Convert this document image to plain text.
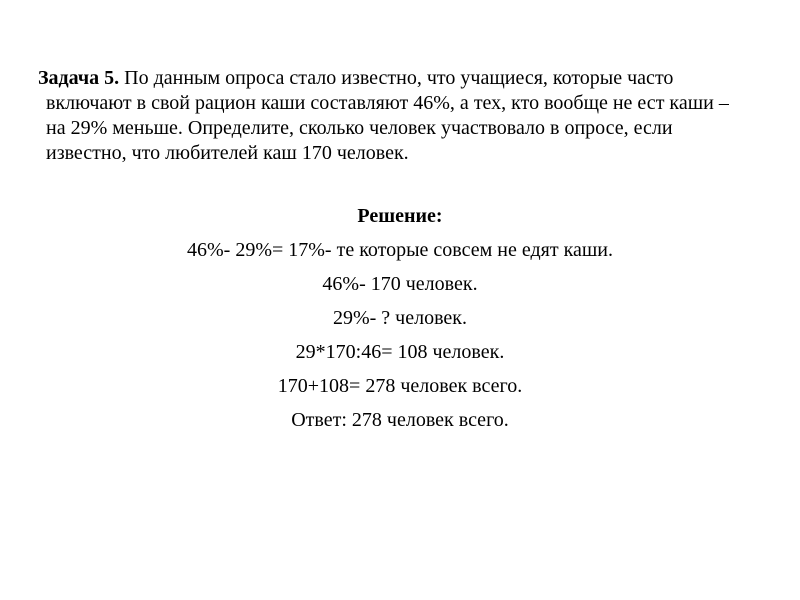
Задача 5. По данным опроса стало известно, что учащиеся, которые часто включают в свой рацион каши составляют 46%, а тех, кто вообще не ест каши – на 29% меньше. Определите, сколько человек участвовало в опросе, если известно, что любителей каш 170 человек.
Решение:
46%- 29%= 17%- те которые совсем не едят каши.
46%- 170 человек.
29%- ? человек.
29*170:46= 108 человек.
170+108= 278 человек всего.
Ответ: 278 человек всего.
